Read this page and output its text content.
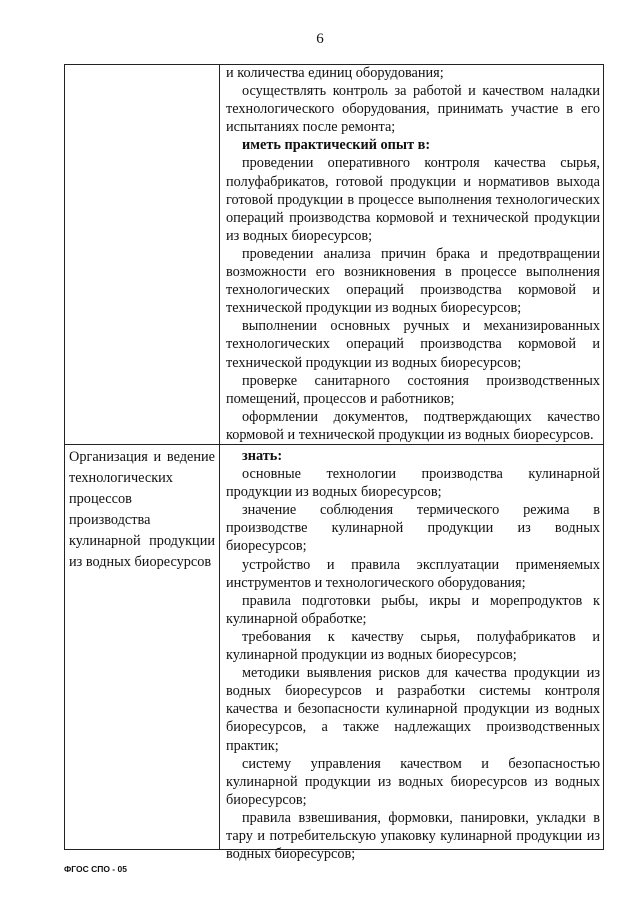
6

и количества единиц оборудования;

осуществлять контроль за работой и качеством наладки технологического оборудования, принимать участие в его испытаниях после ремонта;

иметь практический опыт в:

проведении оперативного контроля качества сырья, полуфабрикатов, готовой продукции и нормативов выхода готовой продукции в процессе выполнения технологических операций производства кормовой и технической продукции из водных биоресурсов;

проведении анализа причин брака и предотвращении возможности его возникновения в процессе выполнения технологических операций производства кормовой и технической продукции из водных биоресурсов;

выполнении основных ручных и механизированных технологических операций производства кормовой и технической продукции из водных биоресурсов;

проверке санитарного состояния производственных помещений, процессов и работников;

оформлении документов, подтверждающих качество кормовой и технической продукции из водных биоресурсов.

Организация и ведение технологических процессов производства кулинарной продукции из водных биоресурсов

знать:

основные технологии производства кулинарной продукции из водных биоресурсов;

значение соблюдения термического режима в производстве кулинарной продукции из водных биоресурсов;

устройство и правила эксплуатации применяемых инструментов и технологического оборудования;

правила подготовки рыбы, икры и морепродуктов к кулинарной обработке;

требования к качеству сырья, полуфабрикатов и кулинарной продукции из водных биоресурсов;

методики выявления рисков для качества продукции из водных биоресурсов и разработки системы контроля качества и безопасности кулинарной продукции из водных биоресурсов, а также надлежащих производственных практик;

систему управления качеством и безопасностью кулинарной продукции из водных биоресурсов из водных биоресурсов;

правила взвешивания, формовки, панировки, укладки в тару и потребительскую упаковку кулинарной продукции из водных биоресурсов;

ФГОС СПО - 05
